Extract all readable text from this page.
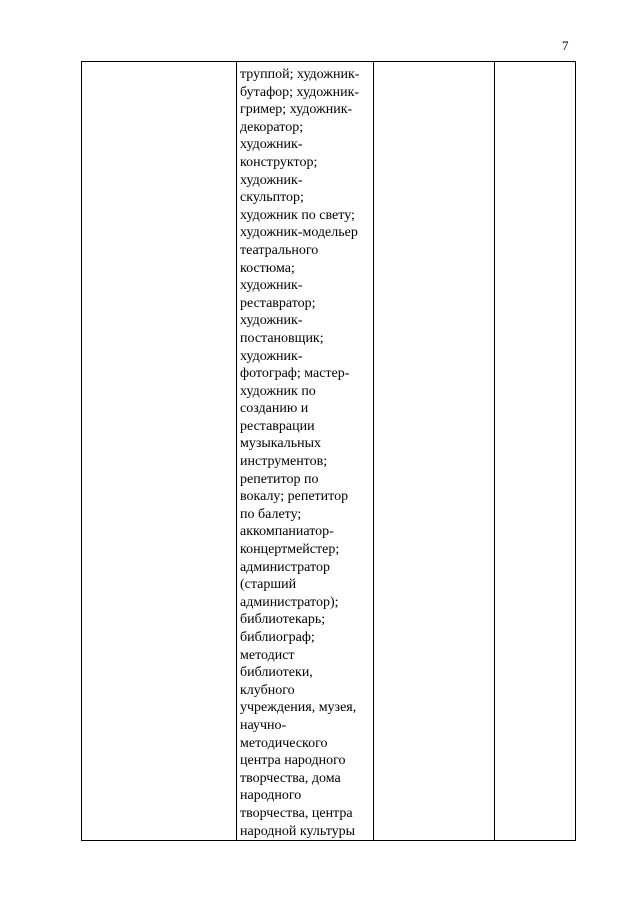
7

труппой; художник-
бутафор; художник-
гример; художник-
декоратор;
художник-
конструктор;
художник-
скульптор;
художник по свету;
художник-модельер
театрального
костюма;
художник-
реставратор;
художник-
постановщик;
художник-
фотограф; мастер-
художник по
созданию и
реставрации
музыкальных
инструментов;
репетитор по
вокалу; репетитор
по балету;
аккомпаниатор-
концертмейстер;
администратор
(старший
администратор);
библиотекарь;
библиограф;
методист
библиотеки,
клубного
учреждения, музея,
научно-
методического
центра народного
творчества, дома
народного
творчества, центра
народной культуры
